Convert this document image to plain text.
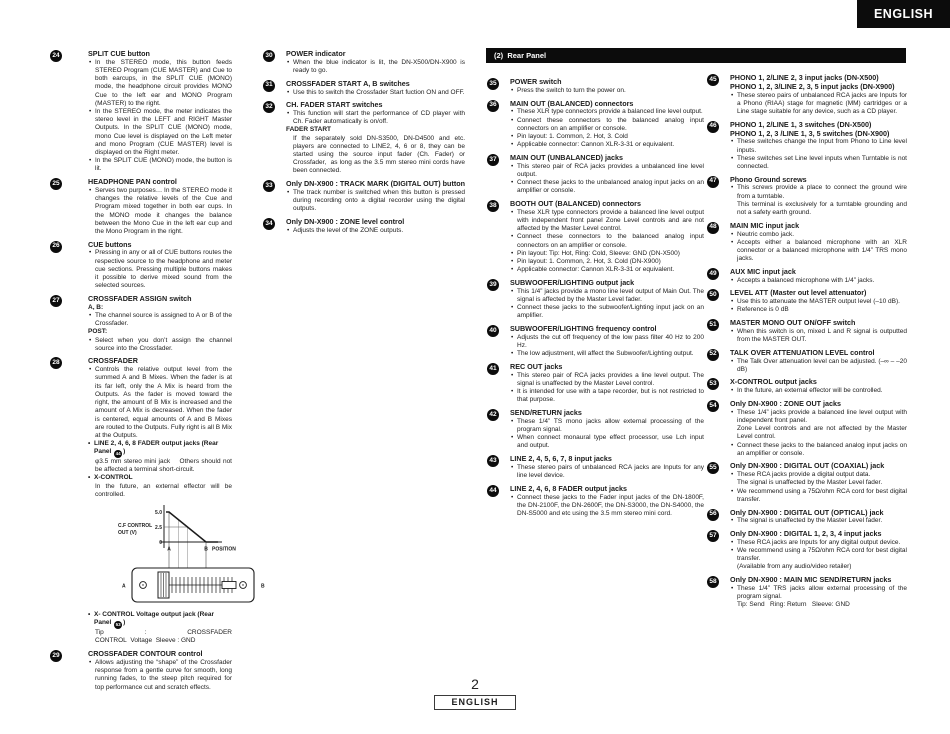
ENGLISH
24	SPLIT CUE button
• In the STEREO mode, this button feeds STEREO Program (CUE MASTER) and Cue to both earcups, in the SPLIT CUE (MONO) mode, the headphone circuit provides MONO Cue to the left ear and MONO Program (MASTER) to the right.
• In the STEREO mode, the meter indicates the stereo level in the LEFT and RIGHT Master Outputs. In the SPLIT CUE (MONO) mode, mono Cue level is displayed on the Left meter and mono Program (CUE MASTER) level is displayed on the Right meter.
• In the SPLIT CUE (MONO) mode, the button is lit.
25	HEADPHONE PAN control
• Serves two purposes… In the STEREO mode it changes the relative levels of the Cue and Program mixed together in both ear cups. In the MONO mode it changes the balance between the Mono Cue in the left ear cup and the Mono Program in the right.
26	CUE buttons
• Pressing in any or all of CUE buttons routes the respective source to the headphone and meter cue sections. Pressing multiple buttons makes it possible to derive mixed sound from the selected sources.
27	CROSSFADER ASSIGN switch
A, B:
• The channel source is assigned to A or B of the Crossfader.
POST:
• Select when you don’t assign the channel source into the Crossfader.
28	CROSSFADER
• Controls the relative output level from the summed A and B Mixes. When the fader is at its far left, only the A Mix is heard from the Outputs. As the fader is moved toward the right, the amount of B Mix is increased and the amount of A Mix is decreased. When the fader is centered, equal amounts of A and B Mixes are routed to the Outputs. Fully right is all B Mix at the Outputs.
• LINE 2, 4, 6, 8 FADER output jacks (Rear Panel 44 )
φ3.5 mm stereo mini jack    Others should not be affected a terminal short-circuit.
• X-CONTROL
In the future, an external effector will be controlled.
C.F CONTROL
OUT (V)
5.0
2.5
0
A	B POSITION
A	B
• X- CONTROL Voltage output jack (Rear Panel 53 )
Tip : CROSSFADER CONTROL  Voltage  Sleeve : GND
29	CROSSFADER CONTOUR control
• Allows adjusting the “shape” of the Crossfader response from a gentle curve for smooth, long running fades, to the steep pitch required for top performance cut and scratch effects.
30	POWER indicator
• When the blue indicator is lit, the DN-X500/DN-X900 is ready to go.
31	CROSSFADER START A, B switches
• Use this to switch the Crossfader Start fuction ON and OFF.
32	CH. FADER START switches
• This function will start the performance of CD player with Ch. Fader automatically is on/off.
FADER START
If the separately sold DN-S3500, DN-D4500 and etc. players are connected to LINE2, 4, 6 or 8, they can be started using the source input fader (Ch. Fader) or Crossfader,  as long as the 3.5 mm stereo mini cords have been connected.
33	Only DN-X900 : TRACK MARK (DIGITAL OUT) button
• The track number is switched when this button is pressed during recording onto a digital recorder using the digital outputs.
34	Only DN-X900 : ZONE level control
• Adjusts the level of the ZONE outputs.
(2)  Rear Panel
35	POWER switch
• Press the switch to turn the power on.
36	MAIN OUT (BALANCED) connectors
• These XLR type connectors provide a balanced line level output.
• Connect these connectors to the balanced analog input connectors on an amplifier or console.
• Pin layout: 1. Common, 2. Hot, 3. Cold
• Applicable connector: Cannon XLR-3-31 or equivalent.
37	MAIN OUT (UNBALANCED) jacks
• This stereo pair of RCA jacks provides a unbalanced line level output.
• Connect these jacks to the unbalanced analog input jacks on an amplifier or console.
38	BOOTH OUT (BALANCED) connectors
• These XLR type connectors provide a balanced line level output with independent front panel Zone Level controls and are not affected by the Master Level control.
• Connect these connectors to the balanced analog input connectors on an amplifier or console.
• Pin layout: Tip: Hot, Ring: Cold, Sleeve: GND (DN-X500)
• Pin layout: 1. Common, 2. Hot, 3. Cold (DN-X900)
• Applicable connector: Cannon XLR-3-31 or equivalent.
39	SUBWOOFER/LIGHTING output jack
• This 1/4” jacks provide a mono line level output of Main Out. The signal is affected by the Master Level fader.
• Connect these jacks to the subwoofer/Lighting input jack on an amplifier.
40	SUBWOOFER/LIGHTING frequency control
• Adjusts the cut off frequency of the low pass filter 40 Hz to 200 Hz.
• The low adjustment, will affect the Subwoofer/Lighting output.
41	REC OUT jacks
• This stereo pair of RCA jacks provides a line level output. The signal is unaffected by the Master Level control.
• It is intended for use with a tape recorder, but is not restricted to that purpose.
42	SEND/RETURN jacks
• These 1/4” TS mono jacks allow external processing of the program signal.
• When connect monaural type effect processor, use Lch input and output.
43	LINE 2, 4, 5, 6, 7, 8 input jacks
• These stereo pairs of unbalanced RCA jacks are Inputs for any line level device.
44	LINE 2, 4, 6, 8 FADER output jacks
• Connect these jacks to the Fader input jacks of the DN-1800F, the DN-2100F, the DN-2600F, the DN-S3000, the DN-S4000, the DN-S5000 and etc using the 3.5 mm stereo mini cord.
45	PHONO 1, 2/LINE 2, 3 input jacks (DN-X500)
PHONO 1, 2, 3/LINE 2, 3, 5 input jacks (DN-X900)
• These stereo pairs of unbalanced RCA jacks are Inputs for a Phono (RIAA) stage for magnetic (MM) cartridges or a Line stage suitable for any device, such as a CD player.
46	PHONO 1, 2/LINE 1, 3 switches (DN-X500)
PHONO 1, 2, 3 /LINE 1, 3, 5 switches (DN-X900)
• These switches change the Input from Phono to Line level inputs.
• These switches set Line level inputs when Turntable is not connected.
47	Phono Ground screws
• This screws provide a place to connect the ground wire from a turntable.
This terminal is exclusively for a turntable grounding and not a safety earth ground.
48	MAIN MIC input jack
• Neutric combo jack.
• Accepts either a balanced microphone with an XLR connector or a balanced microphone with 1/4” TRS mono jacks.
49	AUX MIC input jack
• Accepts a balanced microphone with 1/4” jacks.
50	LEVEL ATT (Master out level attenuator)
• Use this to attenuate the MASTER output level (–10 dB).
• Reference is 0 dB
51	MASTER MONO OUT ON/OFF switch
• When this switch is on, mixed L and R signal is outputted from the MASTER OUT.
52	TALK OVER ATTENUATION LEVEL control
• The Talk Over attenuation level can be adjusted. (–∞ – –20 dB)
53	X-CONTROL output jacks
• In the future, an external effector will be controlled.
54	Only DN-X900 : ZONE OUT jacks
• These 1/4” jacks provide a balanced line level output with independent front panel.
Zone Level controls and are not affected by the Master Level control.
• Connect these jacks to the balanced analog input jacks on an amplifier or console.
55	Only DN-X900 : DIGITAL OUT (COAXIAL) jack
• These RCA jacks provide a digital output data.
The signal is unaffected by the Master Level fader.
• We recommend using a 75Ω/ohm RCA cord for best digital transfer.
56	Only DN-X900 : DIGITAL OUT (OPTICAL) jack
• The signal is unaffected by the Master Level fader.
57	Only DN-X900 : DIGITAL 1, 2, 3, 4 input jacks
• These RCA jacks are Inputs for any digital output device.
• We recommend using a 75Ω/ohm RCA cord for best digital transfer.
(Available from any audio/video retailer)
58	Only DN-X900 : MAIN MIC SEND/RETURN jacks
• These 1/4” TRS jacks allow external processing of the program signal.
Tip: Send   Ring: Return   Sleeve: GND
2
ENGLISH
